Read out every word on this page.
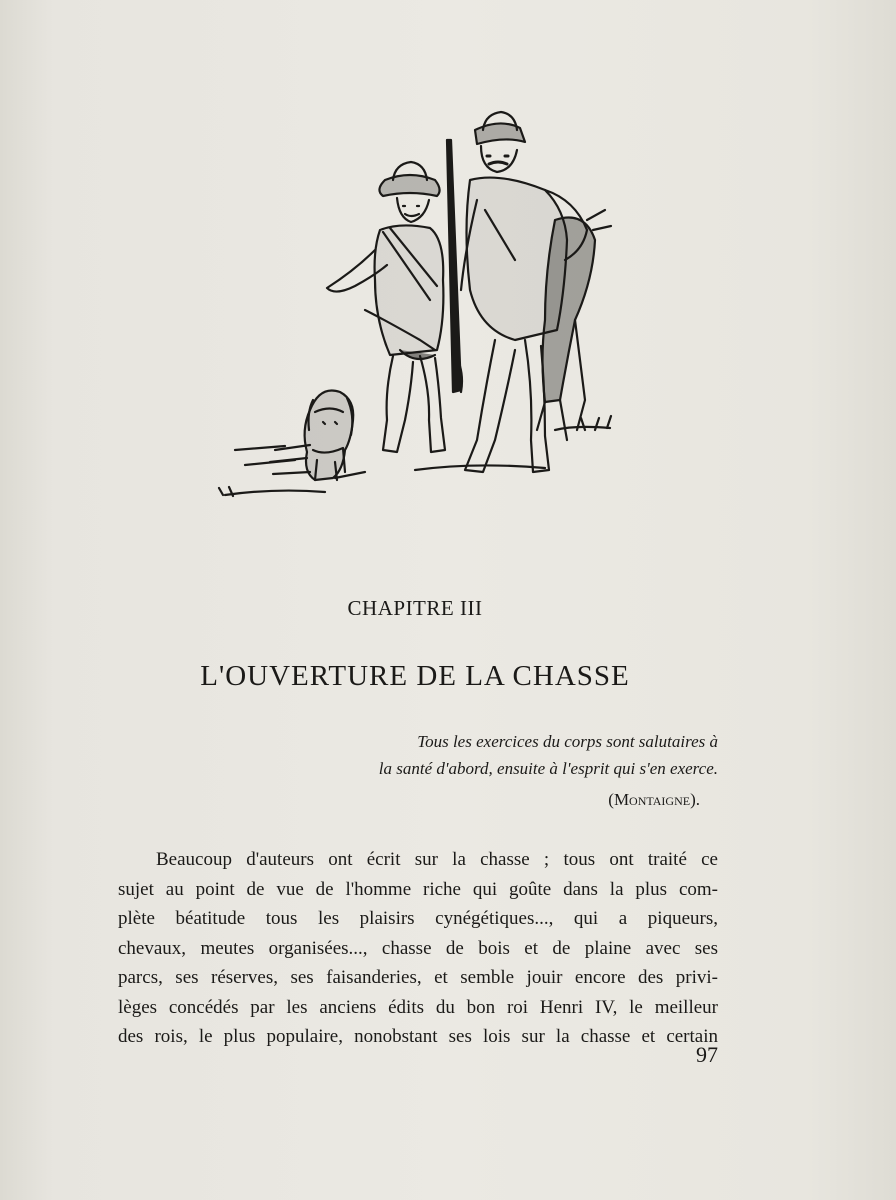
CHAPITRE III
L'OUVERTURE DE LA CHASSE
Tous les exercices du corps sont salutaires à
la santé d'abord, ensuite à l'esprit qui s'en exerce.
(Montaigne).
Beaucoup d'auteurs ont écrit sur la chasse ; tous ont traité ce
sujet au point de vue de l'homme riche qui goûte dans la plus com-
plète béatitude tous les plaisirs cynégétiques..., qui a piqueurs,
chevaux, meutes organisées..., chasse de bois et de plaine avec ses
parcs, ses réserves, ses faisanderies, et semble jouir encore des privi-
lèges concédés par les anciens édits du bon roi Henri IV, le meilleur
des rois, le plus populaire, nonobstant ses lois sur la chasse et certain
97
